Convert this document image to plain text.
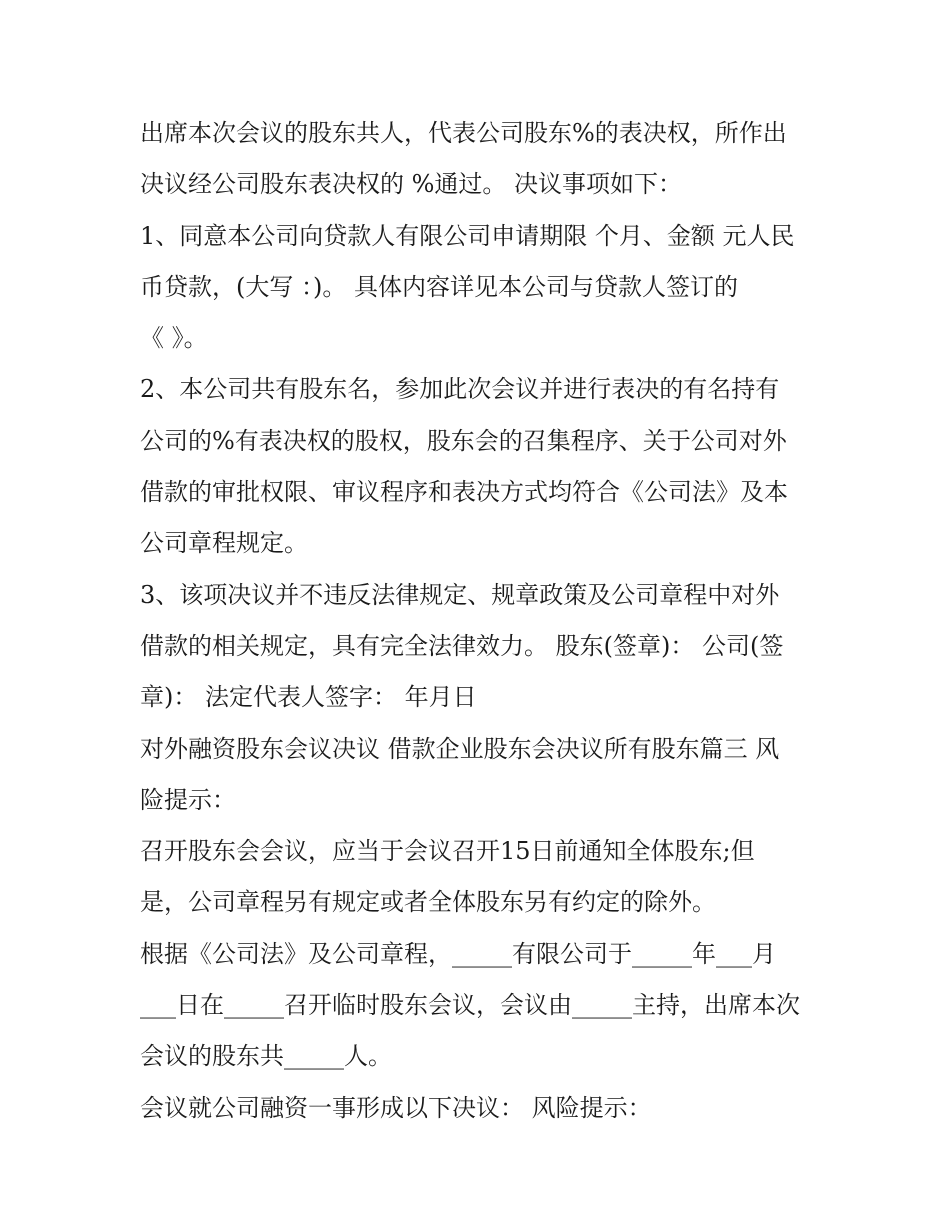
出席本次会议的股东共人，代表公司股东%的表决权，所作出
决议经公司股东表决权的 %通过。 决议事项如下：
1、同意本公司向贷款人有限公司申请期限 个月、金额 元人民
币贷款，(大写 ：)。 具体内容详见本公司与贷款人签订的
《 》。
2、本公司共有股东名，参加此次会议并进行表决的有名持有
公司的%有表决权的股权，股东会的召集程序、关于公司对外
借款的审批权限、审议程序和表决方式均符合《公司法》及本
公司章程规定。
3、该项决议并不违反法律规定、规章政策及公司章程中对外
借款的相关规定，具有完全法律效力。 股东(签章)： 公司(签
章)： 法定代表人签字： 年月日
对外融资股东会议决议 借款企业股东会决议所有股东篇三 风
险提示：
召开股东会会议，应当于会议召开15日前通知全体股东;但
是，公司章程另有规定或者全体股东另有约定的除外。
根据《公司法》及公司章程，_____有限公司于_____年___月
___日在_____召开临时股东会议，会议由_____主持，出席本次
会议的股东共_____人。
会议就公司融资一事形成以下决议： 风险提示：
